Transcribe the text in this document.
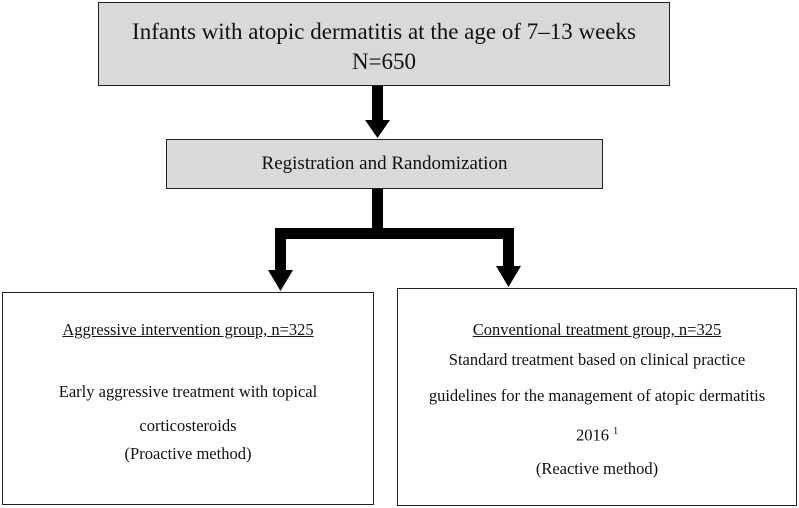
Infants with atopic dermatitis at the age of 7–13 weeks
N=650
Registration and Randomization
Aggressive intervention group, n=325
Early aggressive treatment with topical
corticosteroids
(Proactive method)
Conventional treatment group, n=325
Standard treatment based on clinical practice
guidelines for the management of atopic dermatitis
2016 $^1$
(Reactive method)
